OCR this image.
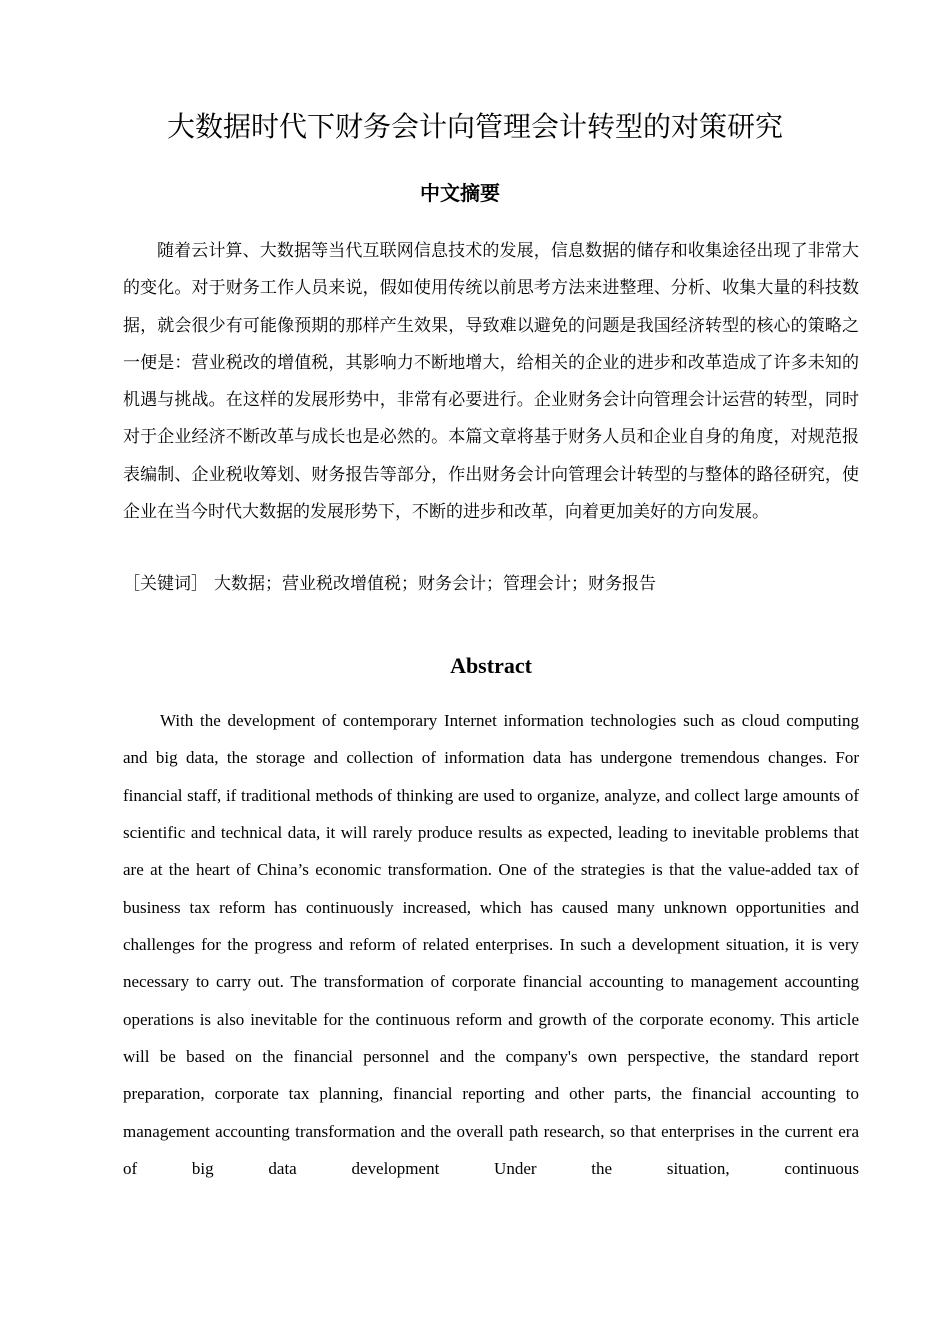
大数据时代下财务会计向管理会计转型的对策研究
中文摘要

随着云计算、大数据等当代互联网信息技术的发展，信息数据的储存和收集途径出现了非常大的变化。对于财务工作人员来说，假如使用传统以前思考方法来进整理、分析、收集大量的科技数据，就会很少有可能像预期的那样产生效果，导致难以避免的问题是我国经济转型的核心的策略之一便是：营业税改的增值税，其影响力不断地增大，给相关的企业的进步和改革造成了许多未知的机遇与挑战。在这样的发展形势中，非常有必要进行。企业财务会计向管理会计运营的转型，同时对于企业经济不断改革与成长也是必然的。本篇文章将基于财务人员和企业自身的角度，对规范报表编制、企业税收筹划、财务报告等部分，作出财务会计向管理会计转型的与整体的路径研究，使企业在当今时代大数据的发展形势下，不断的进步和改革，向着更加美好的方向发展。

［关键词］ 大数据；营业税改增值税；财务会计；管理会计；财务报告
Abstract

With the development of contemporary Internet information technologies such as cloud computing and big data, the storage and collection of information data has undergone tremendous changes. For financial staff, if traditional methods of thinking are used to organize, analyze, and collect large amounts of scientific and technical data, it will rarely produce results as expected, leading to inevitable problems that are at the heart of China’s economic transformation. One of the strategies is that the value-added tax of business tax reform has continuously increased, which has caused many unknown opportunities and challenges for the progress and reform of related enterprises. In such a development situation, it is very necessary to carry out. The transformation of corporate financial accounting to management accounting operations is also inevitable for the continuous reform and growth of the corporate economy. This article will be based on the financial personnel and the company's own perspective, the standard report preparation, corporate tax planning, financial reporting and other parts, the financial accounting to management accounting transformation and the overall path research, so that enterprises in the current era of big data development Under the situation, continuous
